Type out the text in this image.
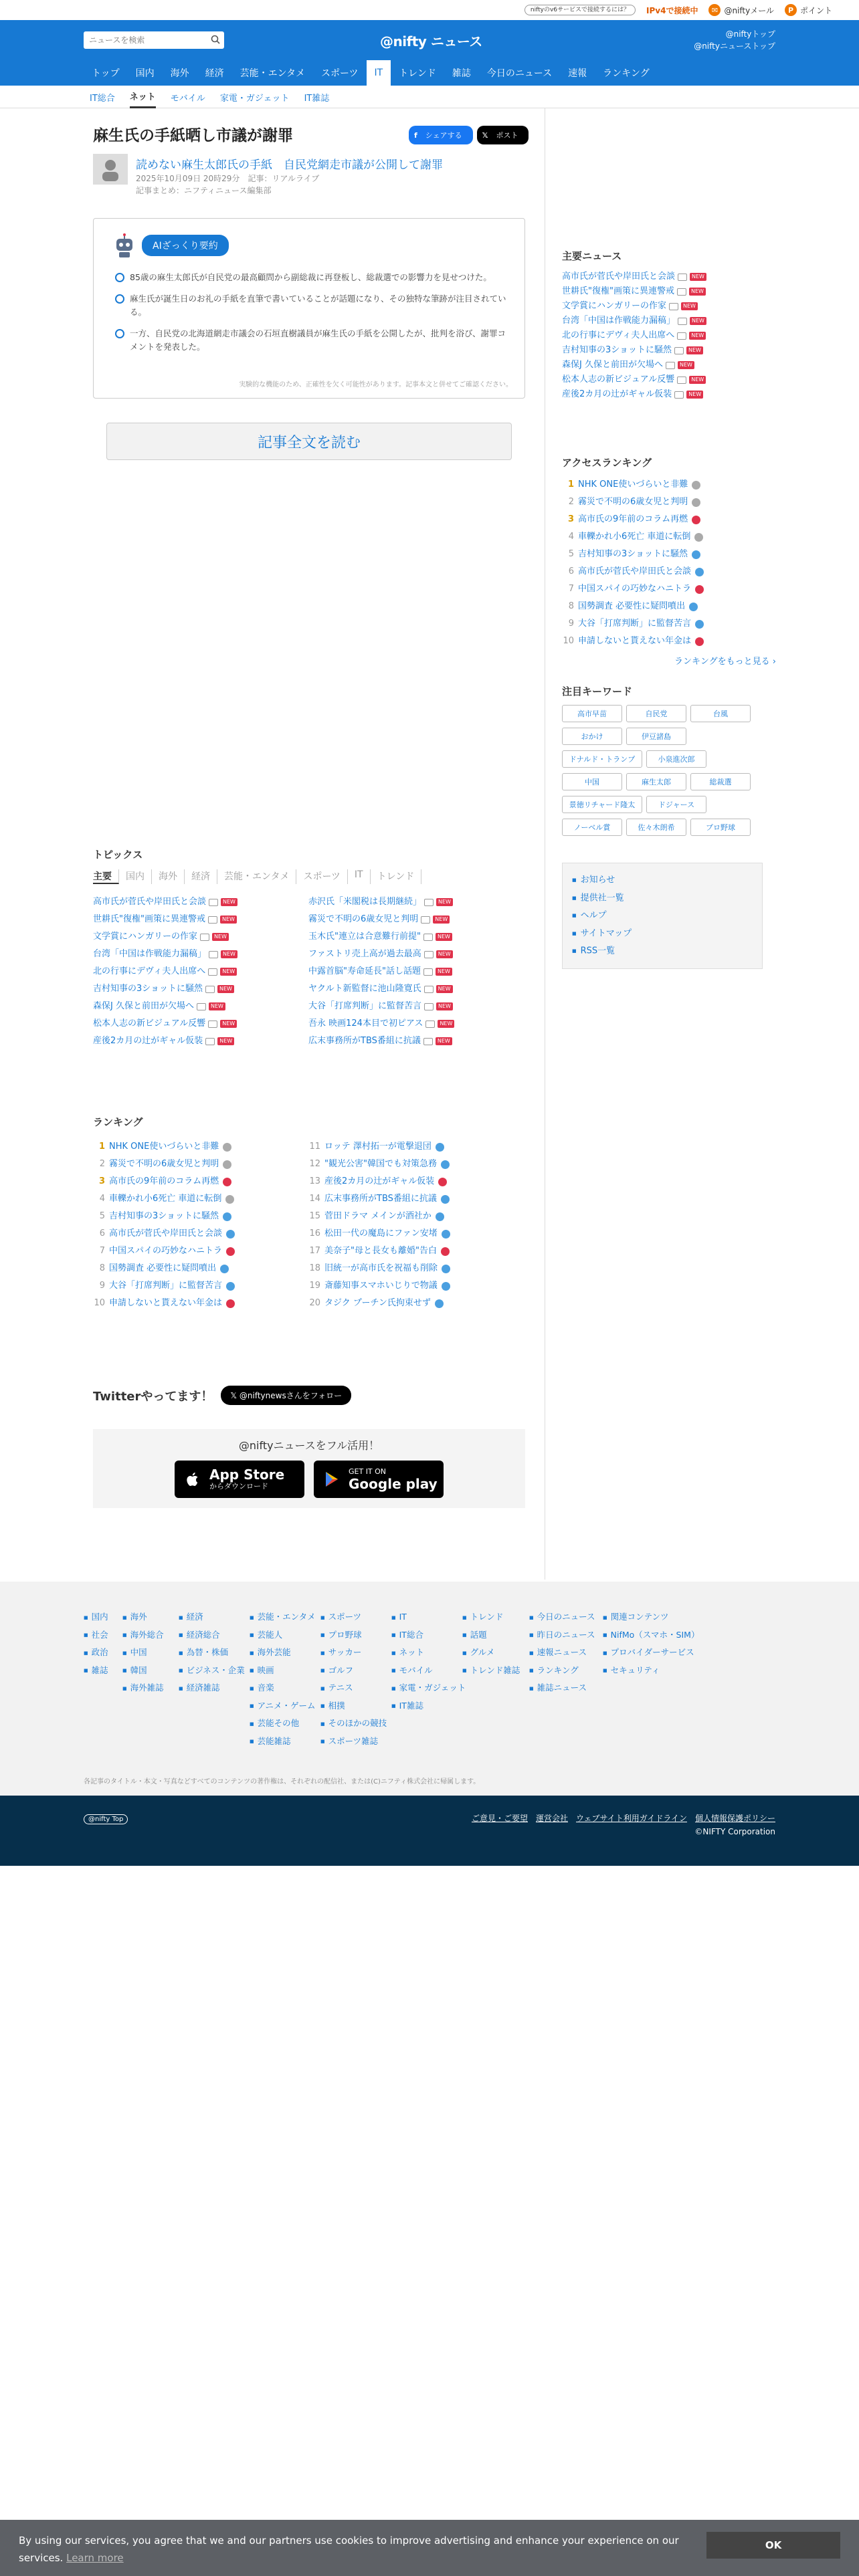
niftyのv6サービスで接続するには？	IPv4で接続中	✉ @niftyメール	P ポイント
ニュースを検索
@nifty ニュース	@niftyトップ
@niftyニューストップ
トップ	国内	海外	経済	芸能・エンタメ	スポーツ	IT	トレンド	雑誌	今日のニュース	速報	ランキング
IT総合 ネット モバイル 家電・ガジェット IT雑誌
麻生氏の手紙晒し市議が謝罪	f	シェアする	𝕏	ポスト
読めない麻生太郎氏の手紙　自民党網走市議が公開して謝罪
2025年10月09日 20時29分　 記事：リアルライブ
記事まとめ：ニフティニュース編集部
AIざっくり要約
85歳の麻生太郎氏が自民党の最高顧問から副総裁に再登板し、総裁選での影響力を見せつけた。
麻生氏が誕生日のお礼の手紙を直筆で書いていることが話題になり、その独特な筆跡が注目されている。
一方、自民党の北海道網走市議会の石垣直樹議員が麻生氏の手紙を公開したが、批判を浴び、謝罪コメントを発表した。
実験的な機能のため、正確性を欠く可能性があります。記事本文と併せてご確認ください。
記事全文を読む
トピックス
主要	国内	海外	経済	芸能・エンタメ	スポーツ	IT	トレンド
高市氏が菅氏や岸田氏と会談	NEW	赤沢氏「米閣税は長期継続」	NEW
世耕氏"復権"画策に異連警戒	NEW	霧災で不明の6歳女児と判明	NEW
文学賞にハンガリーの作家	NEW	玉木氏"連立は合意難行前提"	NEW
台湾「中国は作戦能力漏稿」	NEW	ファストリ売上高が過去最高	NEW
北の行事にデヴィ夫人出席へ	NEW	中露首脳"寿命延長"話し話題	NEW
吉村知事の3ショットに騒然	NEW	ヤクルト新監督に池山隆寛氏	NEW
森保J 久保と前田が欠場へ	NEW	大谷「打席判断」に監督苦言	NEW
松本人志の新ビジュアル反響	NEW	吾永 映画124本目で初ピアス	NEW
産後2カ月の辻がギャル仮装	NEW	広末事務所がTBS番組に抗議	NEW
ランキング
1 NHK ONE使いづらいと非難	11 ロッテ 澤村拓一が電撃退団
2 霧災で不明の6歳女児と判明	12 "観光公害"韓国でも対策急務
3 高市氏の9年前のコラム再燃	13 産後2カ月の辻がギャル仮装
4 車轢かれ小6死亡 車道に転倒	14 広末事務所がTBS番組に抗議
5 吉村知事の3ショットに騒然	15 菅田ドラマ メインが酒社か
6 高市氏が菅氏や岸田氏と会談	16 松田一代の魔島にファン安堵
7 中国スパイの巧妙なハニトラ	17 美奈子"母と長女も離婚"告白
8 国勢調査 必要性に疑問噴出	18 旧統一が高市氏を祝福も削除
9 大谷「打席判断」に監督苦言	19 斎藤知事スマホいじりで物議
10 申請しないと貰えない年金は	20 タジク プーチン氏拘束せず
Twitterやってます！	𝕏 @niftynewsさんをフォロー
@niftyニュースをフル活用！
App Store
からダウンロード
GET IT ON
Google play
主要ニュース
高市氏が菅氏や岸田氏と会談	NEW
世耕氏"復権"画策に異連警戒	NEW
文学賞にハンガリーの作家	NEW
台湾「中国は作戦能力漏稿」	NEW
北の行事にデヴィ夫人出席へ	NEW
吉村知事の3ショットに騒然	NEW
森保J 久保と前田が欠場へ	NEW
松本人志の新ビジュアル反響	NEW
産後2カ月の辻がギャル仮装	NEW
アクセスランキング
1 NHK ONE使いづらいと非難
2 霧災で不明の6歳女児と判明
3 高市氏の9年前のコラム再燃
4 車轢かれ小6死亡 車道に転倒
5 吉村知事の3ショットに騒然
6 高市氏が菅氏や岸田氏と会談
7 中国スパイの巧妙なハニトラ
8 国勢調査 必要性に疑問噴出
9 大谷「打席判断」に監督苦言
10 申請しないと貰えない年金は
ランキングをもっと見る ›
注目キーワード
高市早苗	自民党	台風
おかけ	伊豆諸島
ドナルド・トランプ	小泉進次郎
中国	麻生太郎	総裁選
景徳リチャード隆太	ドジャース
ノーベル賞	佐々木朗希	プロ野球
■ お知らせ
■ 提供社一覧
■ ヘルプ
■ サイトマップ
■ RSS一覧
■ 国内
■ 社会
■ 政治
■ 雑誌
■ 海外
■ 海外総合
■ 中国
■ 韓国
■ 海外雑誌
■ 経済
■ 経済総合
■ 為替・株価
■ ビジネス・企業
■ 経済雑誌
■ 芸能・エンタメ
■ 芸能人
■ 海外芸能
■ 映画
■ 音楽
■ アニメ・ゲーム
■ 芸能その他
■ 芸能雑誌
■ スポーツ
■ プロ野球
■ サッカー
■ ゴルフ
■ テニス
■ 相撲
■ そのほかの競技
■ スポーツ雑誌
■ IT
■ IT総合
■ ネット
■ モバイル
■ 家電・ガジェット
■ IT雑誌
■ トレンド
■ 話題
■ グルメ
■ トレンド雑誌
■ 今日のニュース
■ 昨日のニュース
■ 速報ニュース
■ ランキング
■ 雑誌ニュース
■ 関連コンテンツ
■ NifMo（スマホ・SIM）
■ プロバイダーサービス
■ セキュリティ
各記事のタイトル・本文・写真などすべてのコンテンツの著作権は、それぞれの配信社、または(C)ニフティ株式会社に帰属します。
@nifty Top	ご意見・ご要望 運営会社 ウェブサイト利用ガイドライン 個人情報保護ポリシー
©NIFTY Corporation
By using our services, you agree that we and our partners use cookies to improve advertising and enhance your experience on our services. Learn more
OK
